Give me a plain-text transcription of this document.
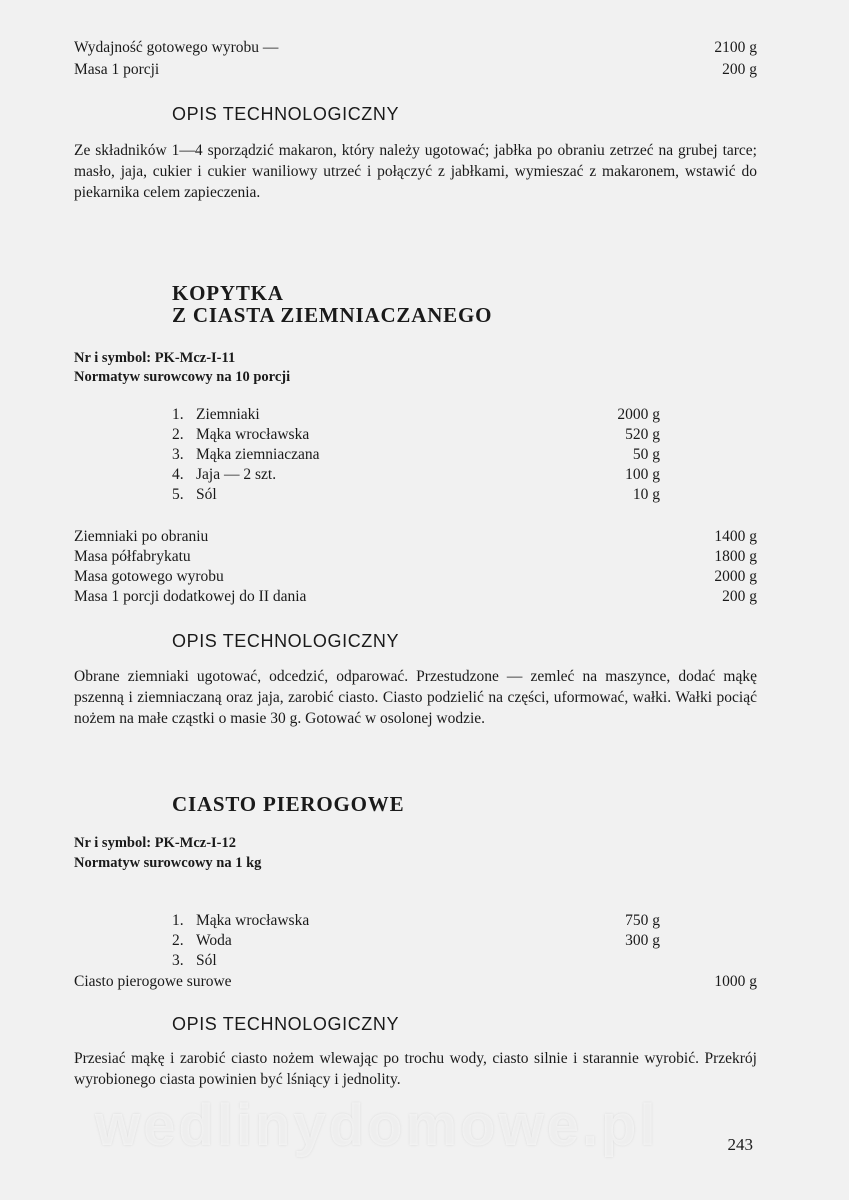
Wydajność gotowego wyrobu —	2100 g
Masa 1 porcji	200 g
OPIS TECHNOLOGICZNY

Ze składników 1—4 sporządzić makaron, który należy ugotować; jabłka po obraniu zetrzeć na grubej tarce; masło, jaja, cukier i cukier waniliowy utrzeć i połączyć z jabłkami, wymieszać z makaronem, wstawić do piekarnika celem zapieczenia.

KOPYTKA
Z CIASTA ZIEMNIACZANEGO
Nr i symbol: PK-Mcz-I-11
Normatyw surowcowy na 10 porcji
1. Ziemniaki	2000 g
2. Mąka wrocławska	520 g
3. Mąka ziemniaczana	50 g
4. Jaja — 2 szt.	100 g
5. Sól	10 g
Ziemniaki po obraniu	1400 g
Masa półfabrykatu	1800 g
Masa gotowego wyrobu	2000 g
Masa 1 porcji dodatkowej do II dania	200 g
OPIS TECHNOLOGICZNY

Obrane ziemniaki ugotować, odcedzić, odparować. Przestudzone — zemleć na maszynce, dodać mąkę pszenną i ziemniaczaną oraz jaja, zarobić ciasto. Ciasto podzielić na części, uformować, wałki. Wałki pociąć nożem na małe cząstki o masie 30 g. Gotować w osolonej wodzie.

CIASTO PIEROGOWE
Nr i symbol: PK-Mcz-I-12
Normatyw surowcowy na 1 kg
1. Mąka wrocławska	750 g
2. Woda	300 g
3. Sól
Ciasto pierogowe surowe	1000 g
OPIS TECHNOLOGICZNY

Przesiać mąkę i zarobić ciasto nożem wlewając po trochu wody, ciasto silnie i starannie wyrobić. Przekrój wyrobionego ciasta powinien być lśniący i jednolity.

wedlinydomowe.pl	243
